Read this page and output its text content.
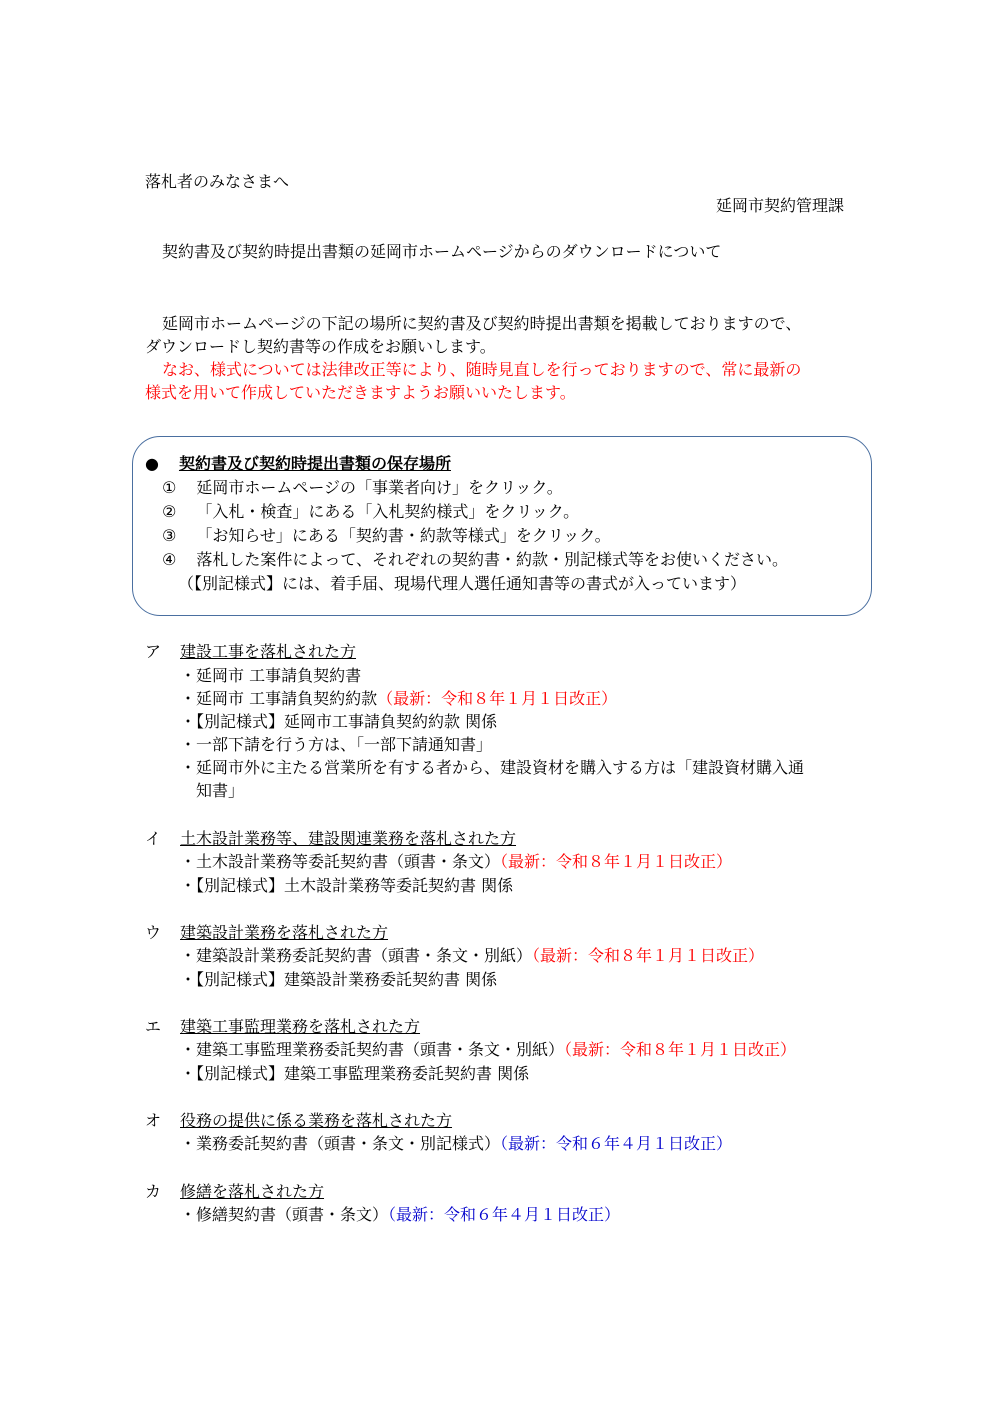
落札者のみなさまへ
延岡市契約管理課
契約書及び契約時提出書類の延岡市ホームページからのダウンロードについて
延岡市ホームページの下記の場所に契約書及び契約時提出書類を掲載しておりますので、
ダウンロードし契約書等の作成をお願いします。
なお、様式については法律改正等により、随時見直しを行っておりますので、常に最新の
様式を用いて作成していただきますようお願いいたします。
● 契約書及び契約時提出書類の保存場所
① 延岡市ホームページの「事業者向け」をクリック。
② 「入札・検査」にある「入札契約様式」をクリック。
③ 「お知らせ」にある「契約書・約款等様式」をクリック。
④ 落札した案件によって、それぞれの契約書・約款・別記様式等をお使いください。
（【別記様式】には、着手届、現場代理人選任通知書等の書式が入っています）
ア 建設工事を落札された方
・延岡市 工事請負契約書
・延岡市 工事請負契約約款（最新：令和８年１月１日改正）
・【別記様式】延岡市工事請負契約約款 関係
・一部下請を行う方は、「一部下請通知書」
・延岡市外に主たる営業所を有する者から、建設資材を購入する方は「建設資材購入通
知書」
イ 土木設計業務等、建設関連業務を落札された方
・土木設計業務等委託契約書（頭書・条文）（最新：令和８年１月１日改正）
・【別記様式】土木設計業務等委託契約書 関係
ウ 建築設計業務を落札された方
・建築設計業務委託契約書（頭書・条文・別紙）（最新：令和８年１月１日改正）
・【別記様式】建築設計業務委託契約書 関係
エ 建築工事監理業務を落札された方
・建築工事監理業務委託契約書（頭書・条文・別紙）（最新：令和８年１月１日改正）
・【別記様式】建築工事監理業務委託契約書 関係
オ 役務の提供に係る業務を落札された方
・業務委託契約書（頭書・条文・別記様式）（最新：令和６年４月１日改正）
カ 修繕を落札された方
・修繕契約書（頭書・条文）（最新：令和６年４月１日改正）
